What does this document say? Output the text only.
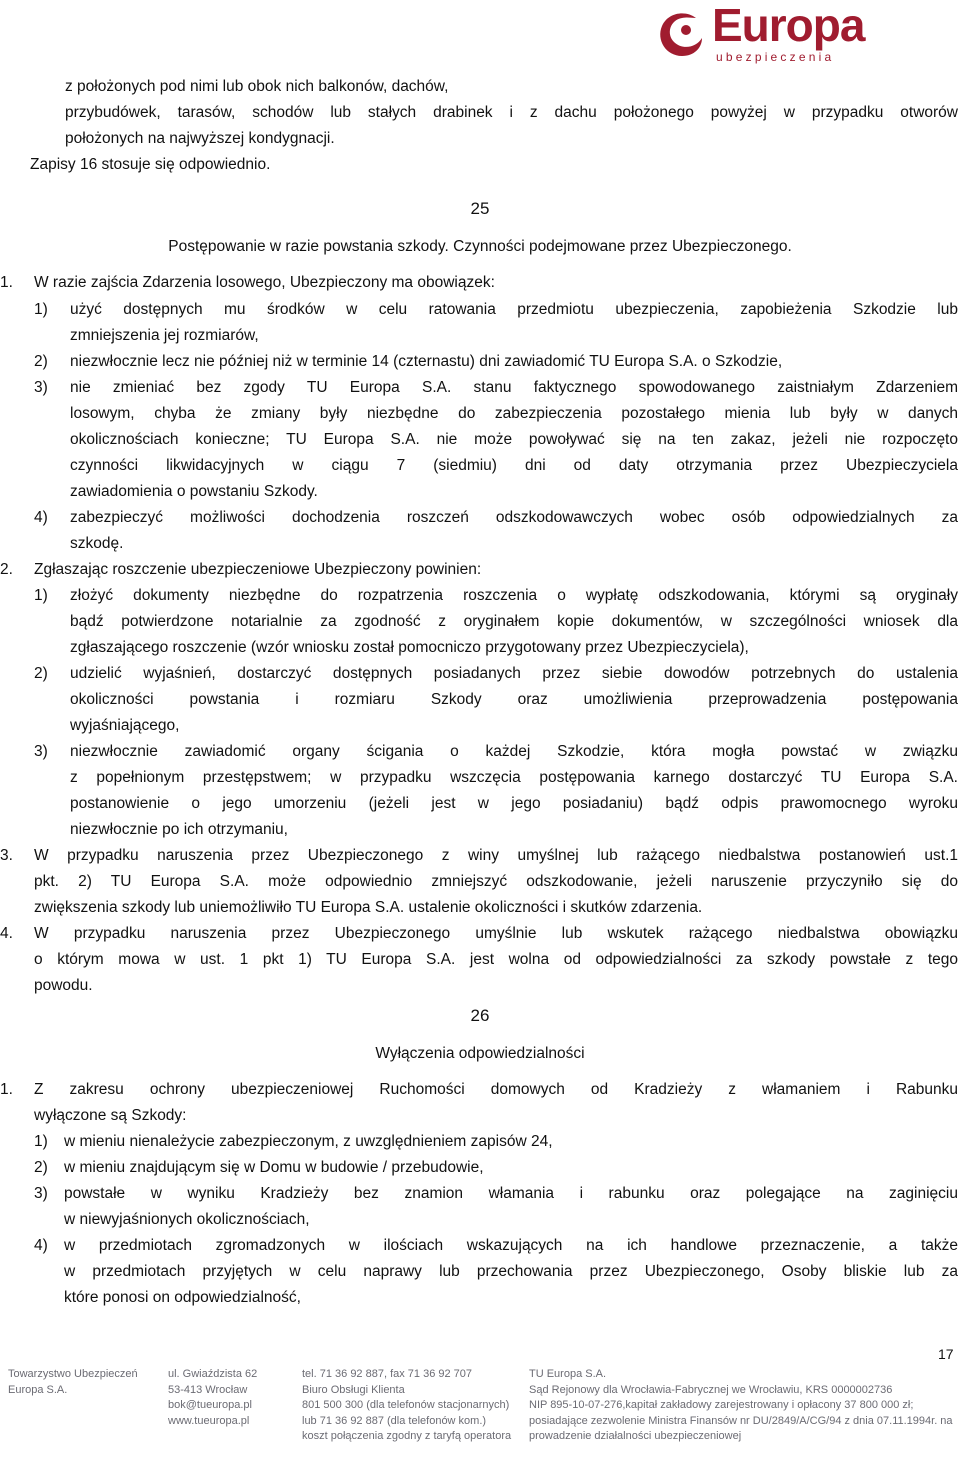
Europa
ubezpieczenia
z położonych pod nimi lub obok nich balkonów, dachów,
przybudówek, tarasów, schodów lub stałych drabinek i z dachu położonego powyżej w przypadku otworów
położonych na najwyższej kondygnacji.
Zapisy 16 stosuje się odpowiednio.
25
Postępowanie w razie powstania szkody. Czynności podejmowane przez Ubezpieczonego.
1. W razie zajścia Zdarzenia losowego, Ubezpieczony ma obowiązek:
1) użyć dostępnych mu środków w celu ratowania przedmiotu ubezpieczenia, zapobieżenia Szkodzie lub
zmniejszenia jej rozmiarów,
2) niezwłocznie lecz nie później niż w terminie 14 (czternastu) dni zawiadomić TU Europa S.A. o Szkodzie,
3) nie zmieniać bez zgody TU Europa S.A. stanu faktycznego spowodowanego zaistniałym Zdarzeniem
losowym, chyba że zmiany były niezbędne do zabezpieczenia pozostałego mienia lub były w danych
okolicznościach konieczne; TU Europa S.A. nie może powoływać się na ten zakaz, jeżeli nie rozpoczęto
czynności likwidacyjnych w ciągu 7 (siedmiu) dni od daty otrzymania przez Ubezpieczyciela
zawiadomienia o powstaniu Szkody.
4) zabezpieczyć możliwości dochodzenia roszczeń odszkodowawczych wobec osób odpowiedzialnych za
szkodę.
2. Zgłaszając roszczenie ubezpieczeniowe Ubezpieczony powinien:
1) złożyć dokumenty niezbędne do rozpatrzenia roszczenia o wypłatę odszkodowania, którymi są oryginały
bądź potwierdzone notarialnie za zgodność z oryginałem kopie dokumentów, w szczególności wniosek dla
zgłaszającego roszczenie (wzór wniosku został pomocniczo przygotowany przez Ubezpieczyciela),
2) udzielić wyjaśnień, dostarczyć dostępnych posiadanych przez siebie dowodów potrzebnych do ustalenia
okoliczności powstania i rozmiaru Szkody oraz umożliwienia przeprowadzenia postępowania
wyjaśniającego,
3) niezwłocznie zawiadomić organy ścigania o każdej Szkodzie, która mogła powstać w związku
z popełnionym przestępstwem; w przypadku wszczęcia postępowania karnego dostarczyć TU Europa S.A.
postanowienie o jego umorzeniu (jeżeli jest w jego posiadaniu) bądź odpis prawomocnego wyroku
niezwłocznie po ich otrzymaniu,
3. W przypadku naruszenia przez Ubezpieczonego z winy umyślnej lub rażącego niedbalstwa postanowień ust.1
pkt. 2) TU Europa S.A. może odpowiednio zmniejszyć odszkodowanie, jeżeli naruszenie przyczyniło się do
zwiększenia szkody lub uniemożliwiło TU Europa S.A. ustalenie okoliczności i skutków zdarzenia.
4. W przypadku naruszenia przez Ubezpieczonego umyślnie lub wskutek rażącego niedbalstwa obowiązku
o którym mowa w ust. 1 pkt 1) TU Europa S.A. jest wolna od odpowiedzialności za szkody powstałe z tego
powodu.
26
Wyłączenia odpowiedzialności
1. Z zakresu ochrony ubezpieczeniowej Ruchomości domowych od Kradzieży z włamaniem i Rabunku
wyłączone są Szkody:
1) w mieniu nienależycie zabezpieczonym, z uwzględnieniem zapisów 24,
2) w mieniu znajdującym się w Domu w budowie / przebudowie,
3) powstałe w wyniku Kradzieży bez znamion włamania i rabunku oraz polegające na zaginięciu
w niewyjaśnionych okolicznościach,
4) w przedmiotach zgromadzonych w ilościach wskazujących na ich handlowe przeznaczenie, a także
w przedmiotach przyjętych w celu naprawy lub przechowania przez Ubezpieczonego, Osoby bliskie lub za
które ponosi on odpowiedzialność,
17
Towarzystwo Ubezpieczeń
Europa S.A.
ul. Gwiaździsta 62
53-413 Wrocław
bok@tueuropa.pl
www.tueuropa.pl
tel. 71 36 92 887, fax 71 36 92 707
Biuro Obsługi Klienta
801 500 300 (dla telefonów stacjonarnych)
lub 71 36 92 887 (dla telefonów kom.)
koszt połączenia zgodny z taryfą operatora
TU Europa S.A.
Sąd Rejonowy dla Wrocławia-Fabrycznej we Wrocławiu, KRS 0000002736
NIP 895-10-07-276,kapitał zakładowy zarejestrowany i opłacony 37 800 000 zł;
posiadające zezwolenie Ministra Finansów nr DU/2849/A/CG/94 z dnia 07.11.1994r. na
prowadzenie działalności ubezpieczeniowej
